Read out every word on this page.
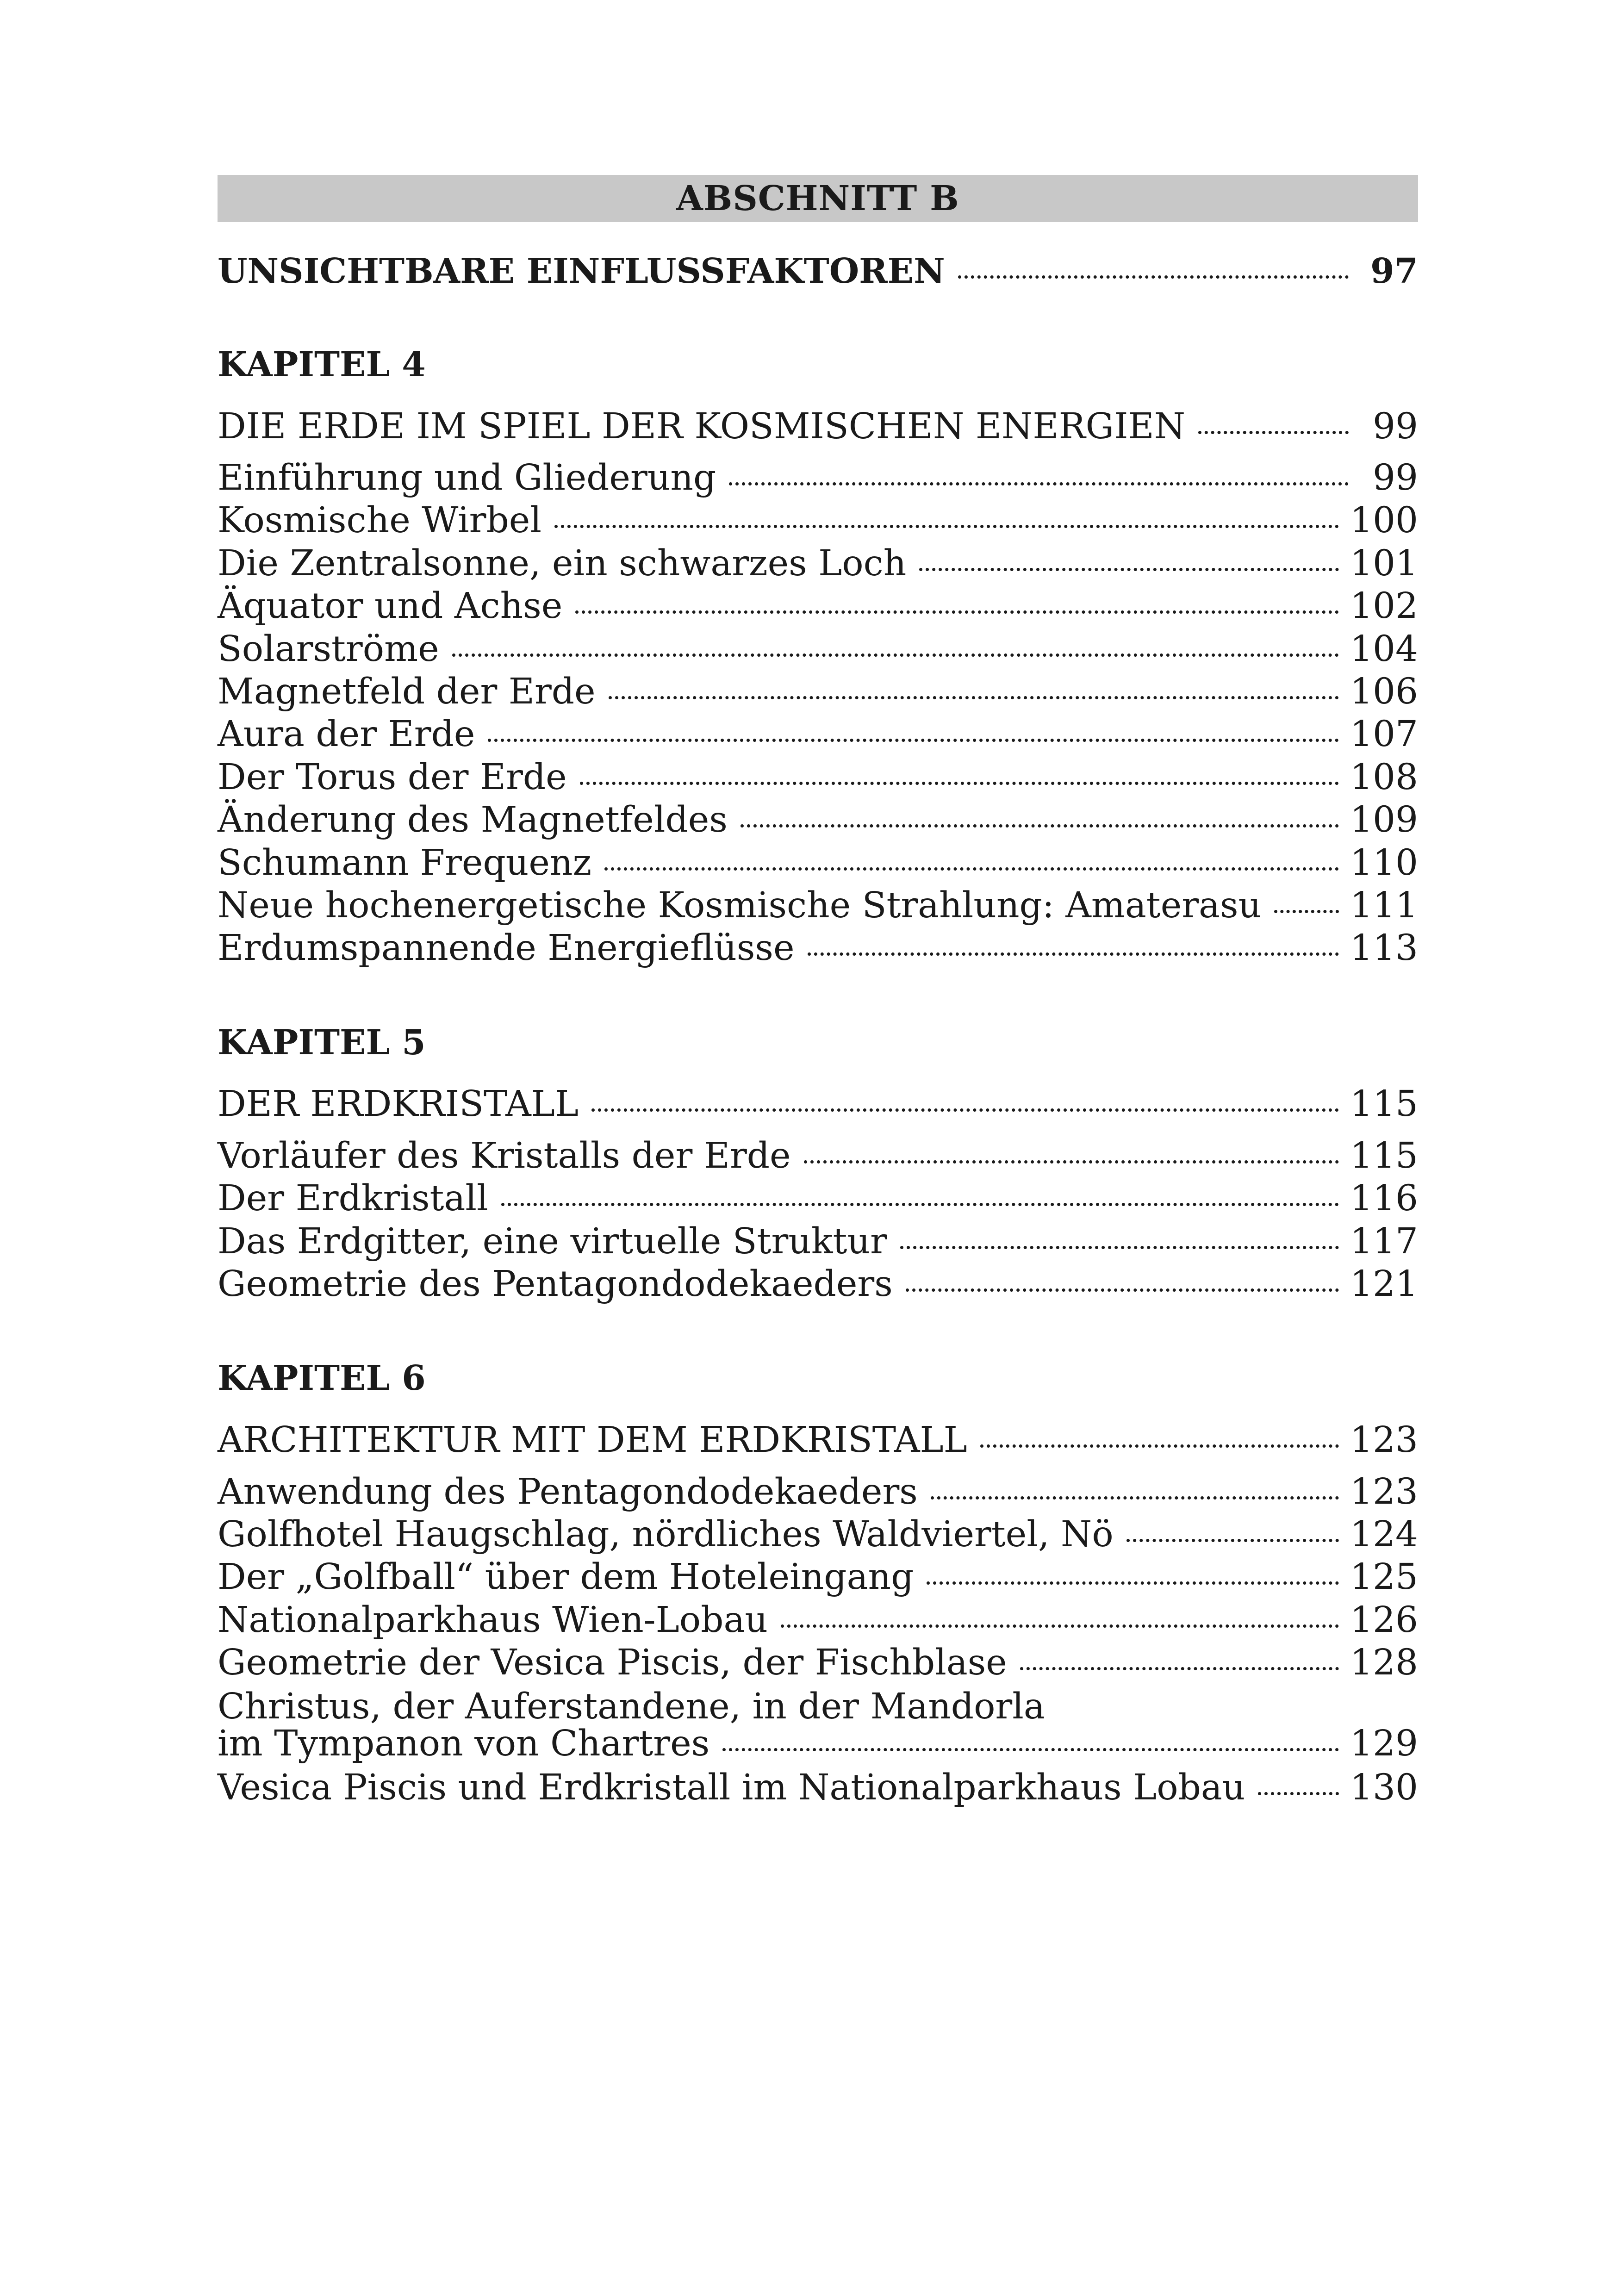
ABSCHNITT B
UNSICHTBARE EINFLUSSFAKTOREN	97
KAPITEL 4
DIE ERDE IM SPIEL DER KOSMISCHEN ENERGIEN	99
Einführung und Gliederung	99
Kosmische Wirbel	100
Die Zentralsonne, ein schwarzes Loch	101
Äquator und Achse	102
Solarströme	104
Magnetfeld der Erde	106
Aura der Erde	107
Der Torus der Erde	108
Änderung des Magnetfeldes	109
Schumann Frequenz	110
Neue hochenergetische Kosmische Strahlung: Amaterasu 111
Erdumspannende Energieflüsse	113
KAPITEL 5
DER ERDKRISTALL	115
Vorläufer des Kristalls der Erde	115
Der Erdkristall	116
Das Erdgitter, eine virtuelle Struktur	117
Geometrie des Pentagondodekaeders	121
KAPITEL 6
ARCHITEKTUR MIT DEM ERDKRISTALL	123
Anwendung des Pentagondodekaeders	123
Golfhotel Haugschlag, nördliches Waldviertel, Nö	124
Der „Golfball“ über dem Hoteleingang	125
Nationalparkhaus Wien-Lobau	126
Geometrie der Vesica Piscis, der Fischblase	128
Christus, der Auferstandene, in der Mandorla
im Tympanon von Chartres	129
Vesica Piscis und Erdkristall im Nationalparkhaus Lobau	130
